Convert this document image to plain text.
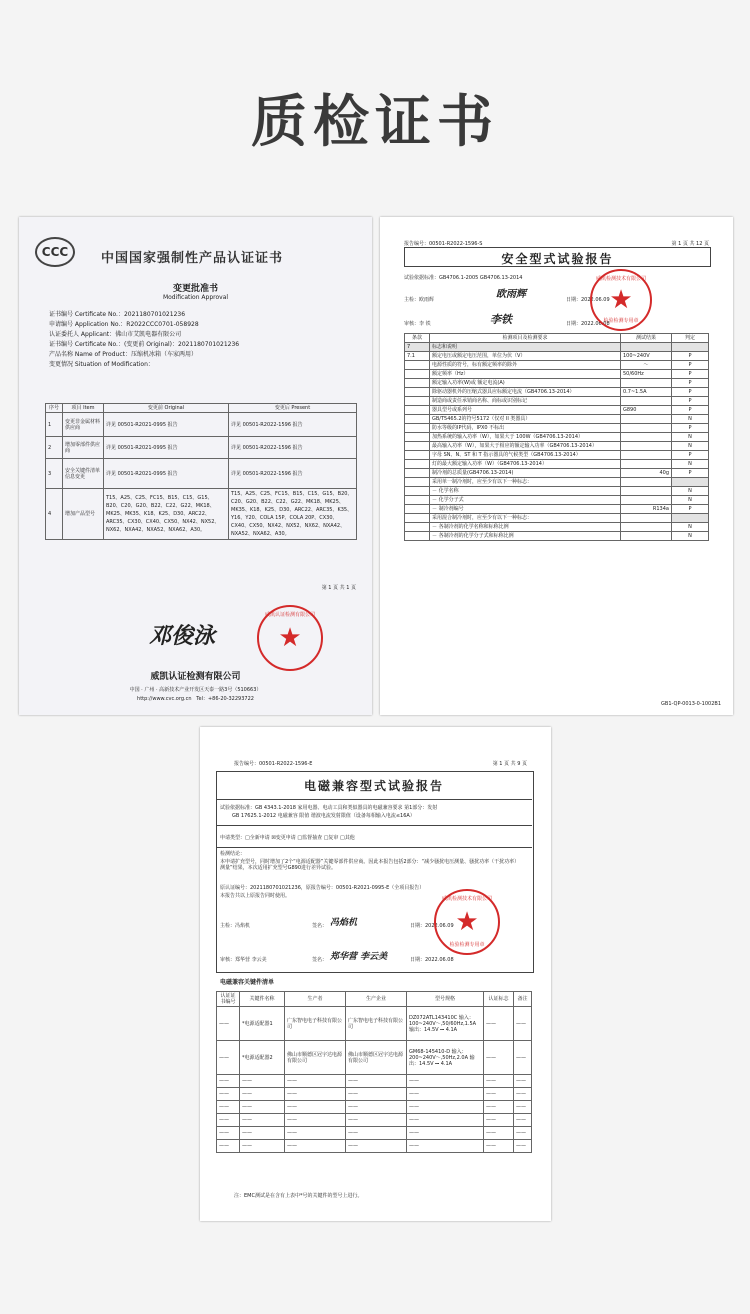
质检证书
CCC	中国国家强制性产品认证证书
变更批准书
Modification Approval
证书编号 Certificate No.：2021180701021236
申请编号 Application No.：R2022CCC0701-058928
认证委托人 Applicant：佛山市艾凯电器有限公司
证书编号 Certificate No.：(变更前 Original)：2021180701021236
产品名称 Name of Product：压缩机冰箱（车家两用）
变更情况 Situation of Modification：
序号	项目 Item	变更前 Original	变更后 Present
1	变更非金属材料供应商	详见 00501-R2021-0995 报告	详见 00501-R2022-1596 报告
2	增加零部件供应商	详见 00501-R2021-0995 报告	详见 00501-R2022-1596 报告
3	安全关键件清单信息变更	详见 00501-R2021-0995 报告	详见 00501-R2022-1596 报告
4	增加产品型号	T15、A25、C25、FC15、B15、C15、G15、B20、C20、G20、B22、C22、G22、MK18、MK25、MK35、K18、K25、D30、ARC22、ARC35、CX30、CX40、CX50、NX42、NX52、NX62、NXA42、NXA52、NXA62、A30。	T15、A25、C25、FC15、B15、C15、G15、B20、C20、G20、B22、C22、G22、MK18、MK25、MK35、K18、K25、D30、ARC22、ARC35、K35、Y16、Y20、COLA 15P、COLA 20P、CX30、CX40、CX50、NX42、NX52、NX62、NXA42、NXA52、NXA62、A30。
第 1 页 共 1 页
邓俊泳
威凯认证检测有限公司
★
威凯认证检测有限公司
中国 · 广州 · 高新技术产业开发区天泰一路3号（510663）
http://www.cvc.org.cn Tel：+86-20-32293722
报告编号：00501-R2022-1596-S	第 1 页 共 12 页
安全型式试验报告
试验依据标准：GB4706.1-2005 GB4706.13-2014
主检：欧雨辉	欧雨辉	日期：2022.06.09
审核：李 铁	李铁	日期：2022.06.08
威凯检测技术有限公司
★
检验检测专用章
条款	检测项目及检测要求	测试结果	判定
7	标志和说明		
7.1	额定电压或额定电压范围，单位为伏（V）	100~240V	P
	电源性质的符号，标有额定频率的除外	～	P
	额定频率（Hz）	50/60Hz	P
	额定输入功率(W)或 额定电流(A)		P
	除驱动器机外的压缩式器具应标额定电流（GB4706.13-2014）	0.7~1.5A	P
	制造商或责任承销商名称、商标或识别标记		P
	器具型号或系列号	G890	P
	GB/T5465.2的符号5172（仅对 II 类器具）		N
	防水等级的IP代码，IPX0 不标出		P
	加热系统的输入功率（W），如果大于 100W（GB4706.13-2014）		N
	最高输入功率（W），如果大于相应的额定输入功率（GB4706.13-2014）		N
	字母 SN、N、ST 和 T 指示器具的气候类型（GB4706.13-2014）		P
	灯的最大额定输入功率（W）（GB4706.13-2014）		N
	制冷剂的总质量(GB4706.13-2014)	40g	P
	采用单一制冷剂时，应至少有以下一种标志：		
	－ 化学名称		N
	－ 化学分子式		N
	－ 制冷剂编号	R134a	P
	采用混合制冷剂时，应至少有以下一种标志：		
	－ 各制冷剂的化学名称和标称比例		N
	－ 各制冷剂的化学分子式和标称比例		N
GB1-QP-0013-0-1002B1
报告编号：00501-R2022-1596-E	第 1 页 共 9 页
电磁兼容型式试验报告
试验依据标准：GB 4343.1-2018 家用电器、电动工具和类似器具的电磁兼容要求 第1部分：发射
GB 17625.1-2012 电磁兼容 限值 谐波电流发射限值（设备每相输入电流≤16A）
申请类型：□全新申请 ☒变更申请 □监督抽查 □复审 □其他
检测结论：
本申请扩充型号，同时增加了2个“电源适配器”关键零部件供应商。因此本报告包括2部分：“减少骚扰电压测量、骚扰功率（干扰功率）测量”结果，本次适用扩充型号G890进行差异试验。
原认证编号：2021180701021236，原报告编号：00501-R2021-0995-E（全项目报告）
本报告共以上原报告同时使用。
主检：冯焰机	签名： 冯焰机	日期：2022.06.09
审核：郑华营 李云美	签名： 郑华营 李云美	日期：2022.06.08
威凯检测技术有限公司
★
检验检测专用章
电磁兼容关键件清单
认证证书编号	关键件名称	生产者	生产企业	型号规格	认证标志	备注
——	*电源适配器1	广东智电电子科技有限公司	广东智电电子科技有限公司	DZ072ATL143410C 输入：100~240V～,50/60Hz,1.5A 输出：14.5V ⎓ 4.1A	——	——
——	*电源适配器2	佛山市顺德区冠宇达电源有限公司	佛山市顺德区冠宇达电源有限公司	GM68-145410-D 输入：200~240V～,50Hz,2.0A 输出：14.5V ⎓ 4.1A	——	——
——	——	——	——	——	——	——
——	——	——	——	——	——	——
——	——	——	——	——	——	——
——	——	——	——	——	——	——
——	——	——	——	——	——	——
——	——	——	——	——	——	——
注：EMC测试是在含有上表中*号的关键件的型号上进行。
